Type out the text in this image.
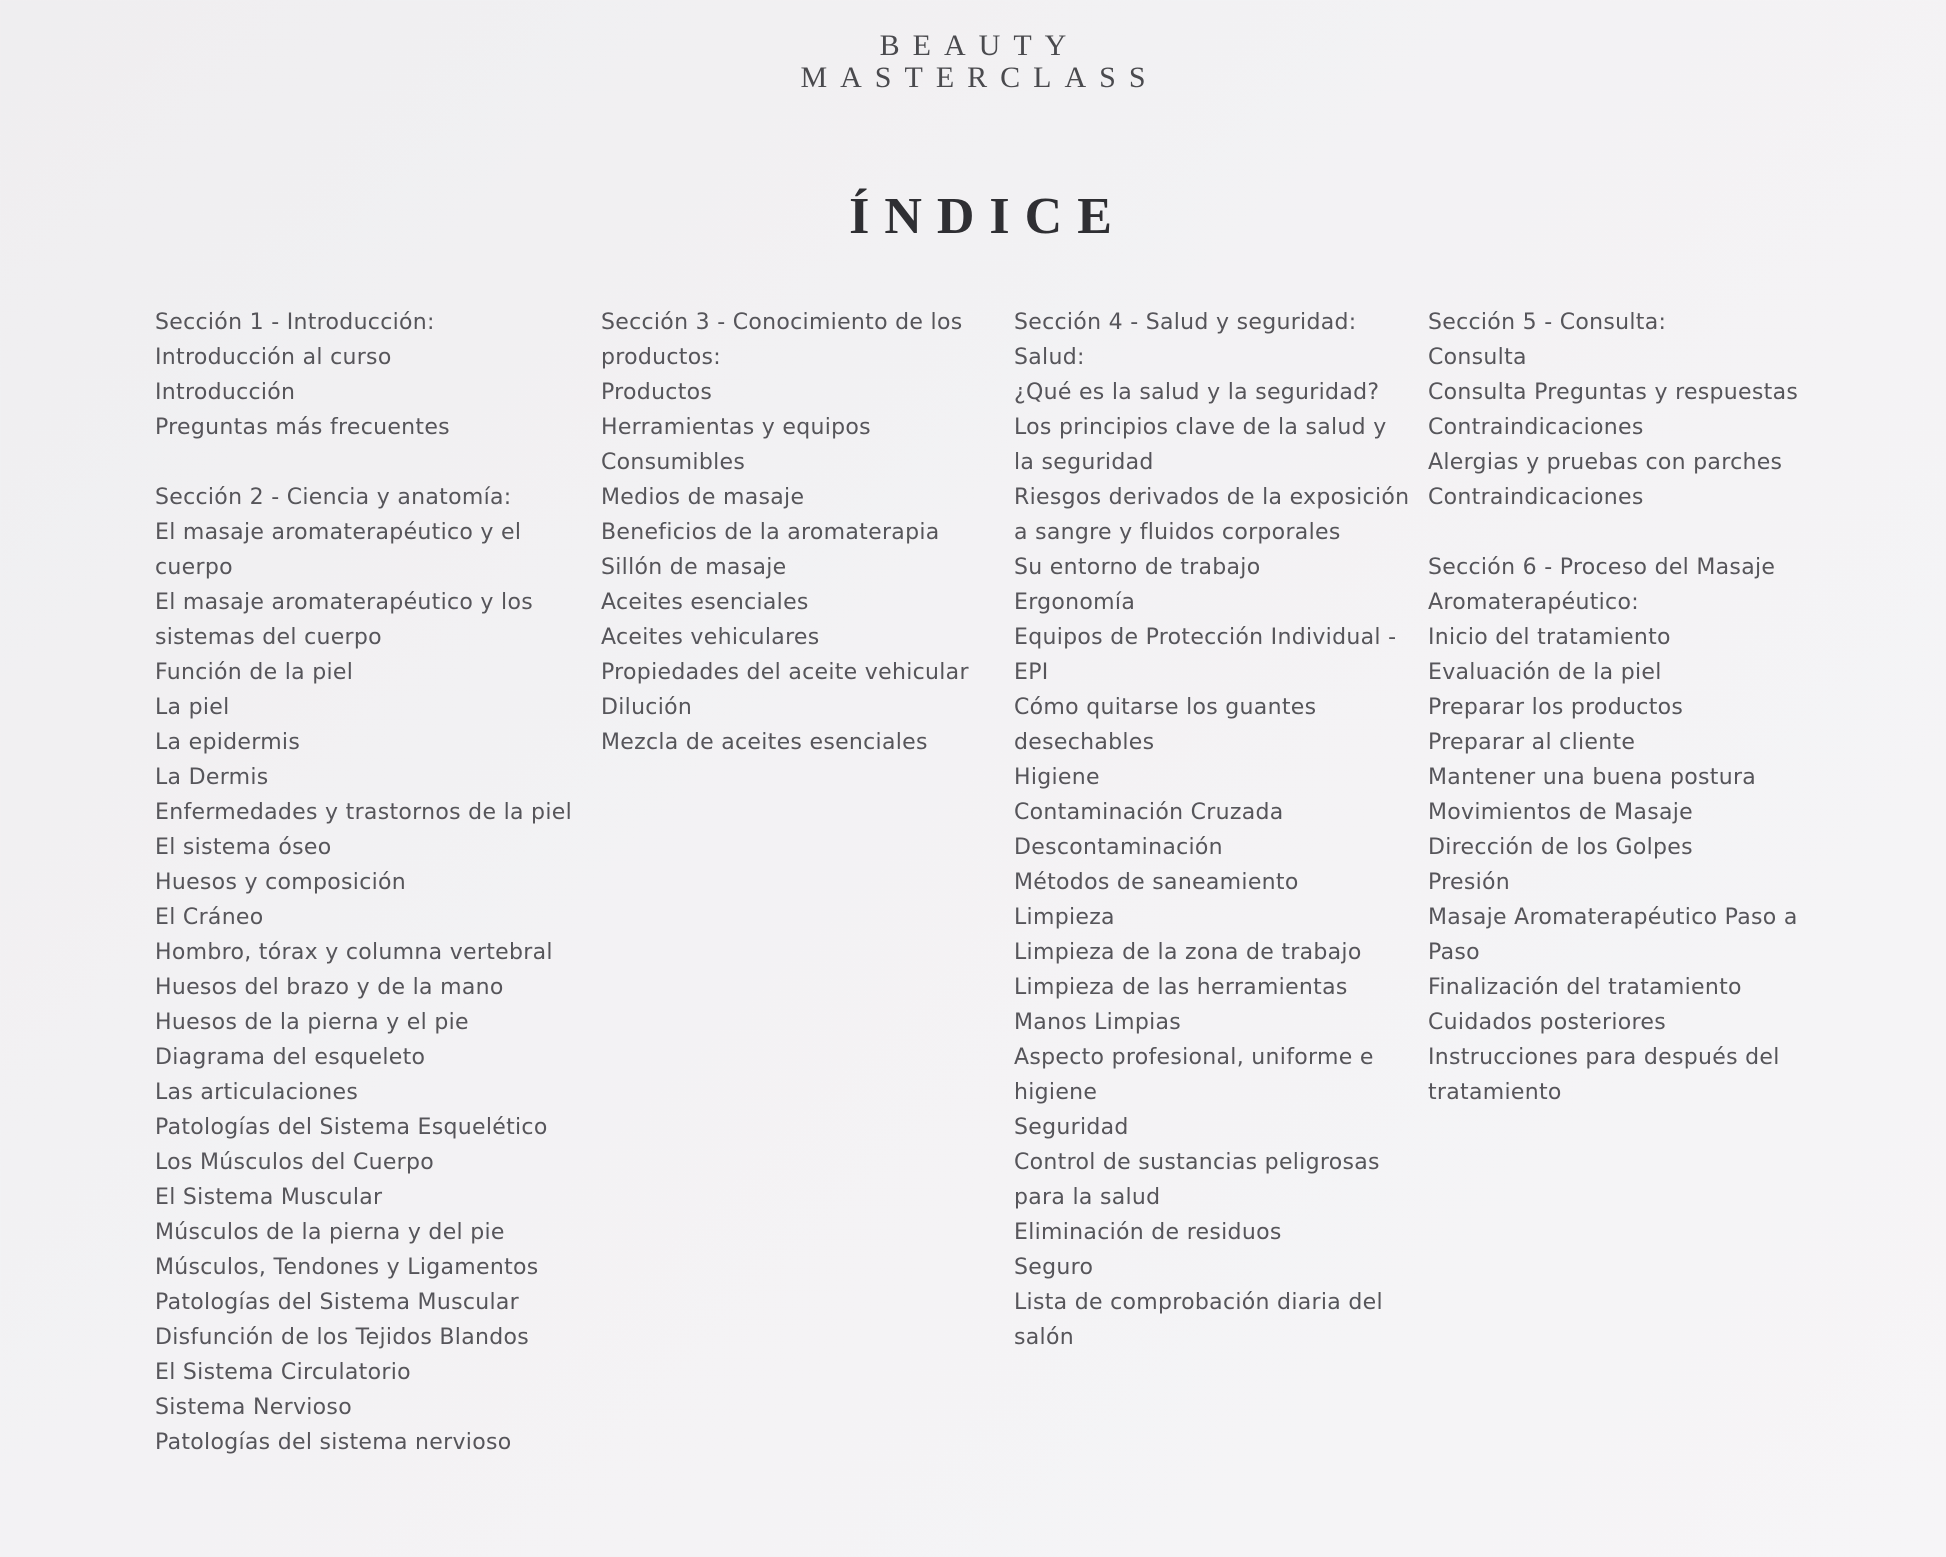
BEAUTY
MASTERCLASS
ÍNDICE
Sección 1 - Introducción:
Introducción al curso
Introducción
Preguntas más frecuentes
Sección 2 - Ciencia y anatomía:
El masaje aromaterapéutico y el cuerpo
El masaje aromaterapéutico y los sistemas del cuerpo
Función de la piel
La piel
La epidermis
La Dermis
Enfermedades y trastornos de la piel
El sistema óseo
Huesos y composición
El Cráneo
Hombro, tórax y columna vertebral
Huesos del brazo y de la mano
Huesos de la pierna y el pie
Diagrama del esqueleto
Las articulaciones
Patologías del Sistema Esquelético
Los Músculos del Cuerpo
El Sistema Muscular
Músculos de la pierna y del pie
Músculos, Tendones y Ligamentos
Patologías del Sistema Muscular
Disfunción de los Tejidos Blandos
El Sistema Circulatorio
Sistema Nervioso
Patologías del sistema nervioso
Sección 3 - Conocimiento de los productos:
Productos
Herramientas y equipos
Consumibles
Medios de masaje
Beneficios de la aromaterapia
Sillón de masaje
Aceites esenciales
Aceites vehiculares
Propiedades del aceite vehicular
Dilución
Mezcla de aceites esenciales
Sección 4 - Salud y seguridad:
Salud:
¿Qué es la salud y la seguridad?
Los principios clave de la salud y la seguridad
Riesgos derivados de la exposición a sangre y fluidos corporales
Su entorno de trabajo
Ergonomía
Equipos de Protección Individual - EPI
Cómo quitarse los guantes desechables
Higiene
Contaminación Cruzada
Descontaminación
Métodos de saneamiento
Limpieza
Limpieza de la zona de trabajo
Limpieza de las herramientas
Manos Limpias
Aspecto profesional, uniforme e higiene
Seguridad
Control de sustancias peligrosas para la salud
Eliminación de residuos
Seguro
Lista de comprobación diaria del salón
Sección 5 - Consulta:
Consulta
Consulta Preguntas y respuestas
Contraindicaciones
Alergias y pruebas con parches
Contraindicaciones
Sección 6 - Proceso del Masaje Aromaterapéutico:
Inicio del tratamiento
Evaluación de la piel
Preparar los productos
Preparar al cliente
Mantener una buena postura
Movimientos de Masaje
Dirección de los Golpes
Presión
Masaje Aromaterapéutico Paso a Paso
Finalización del tratamiento
Cuidados posteriores
Instrucciones para después del tratamiento
